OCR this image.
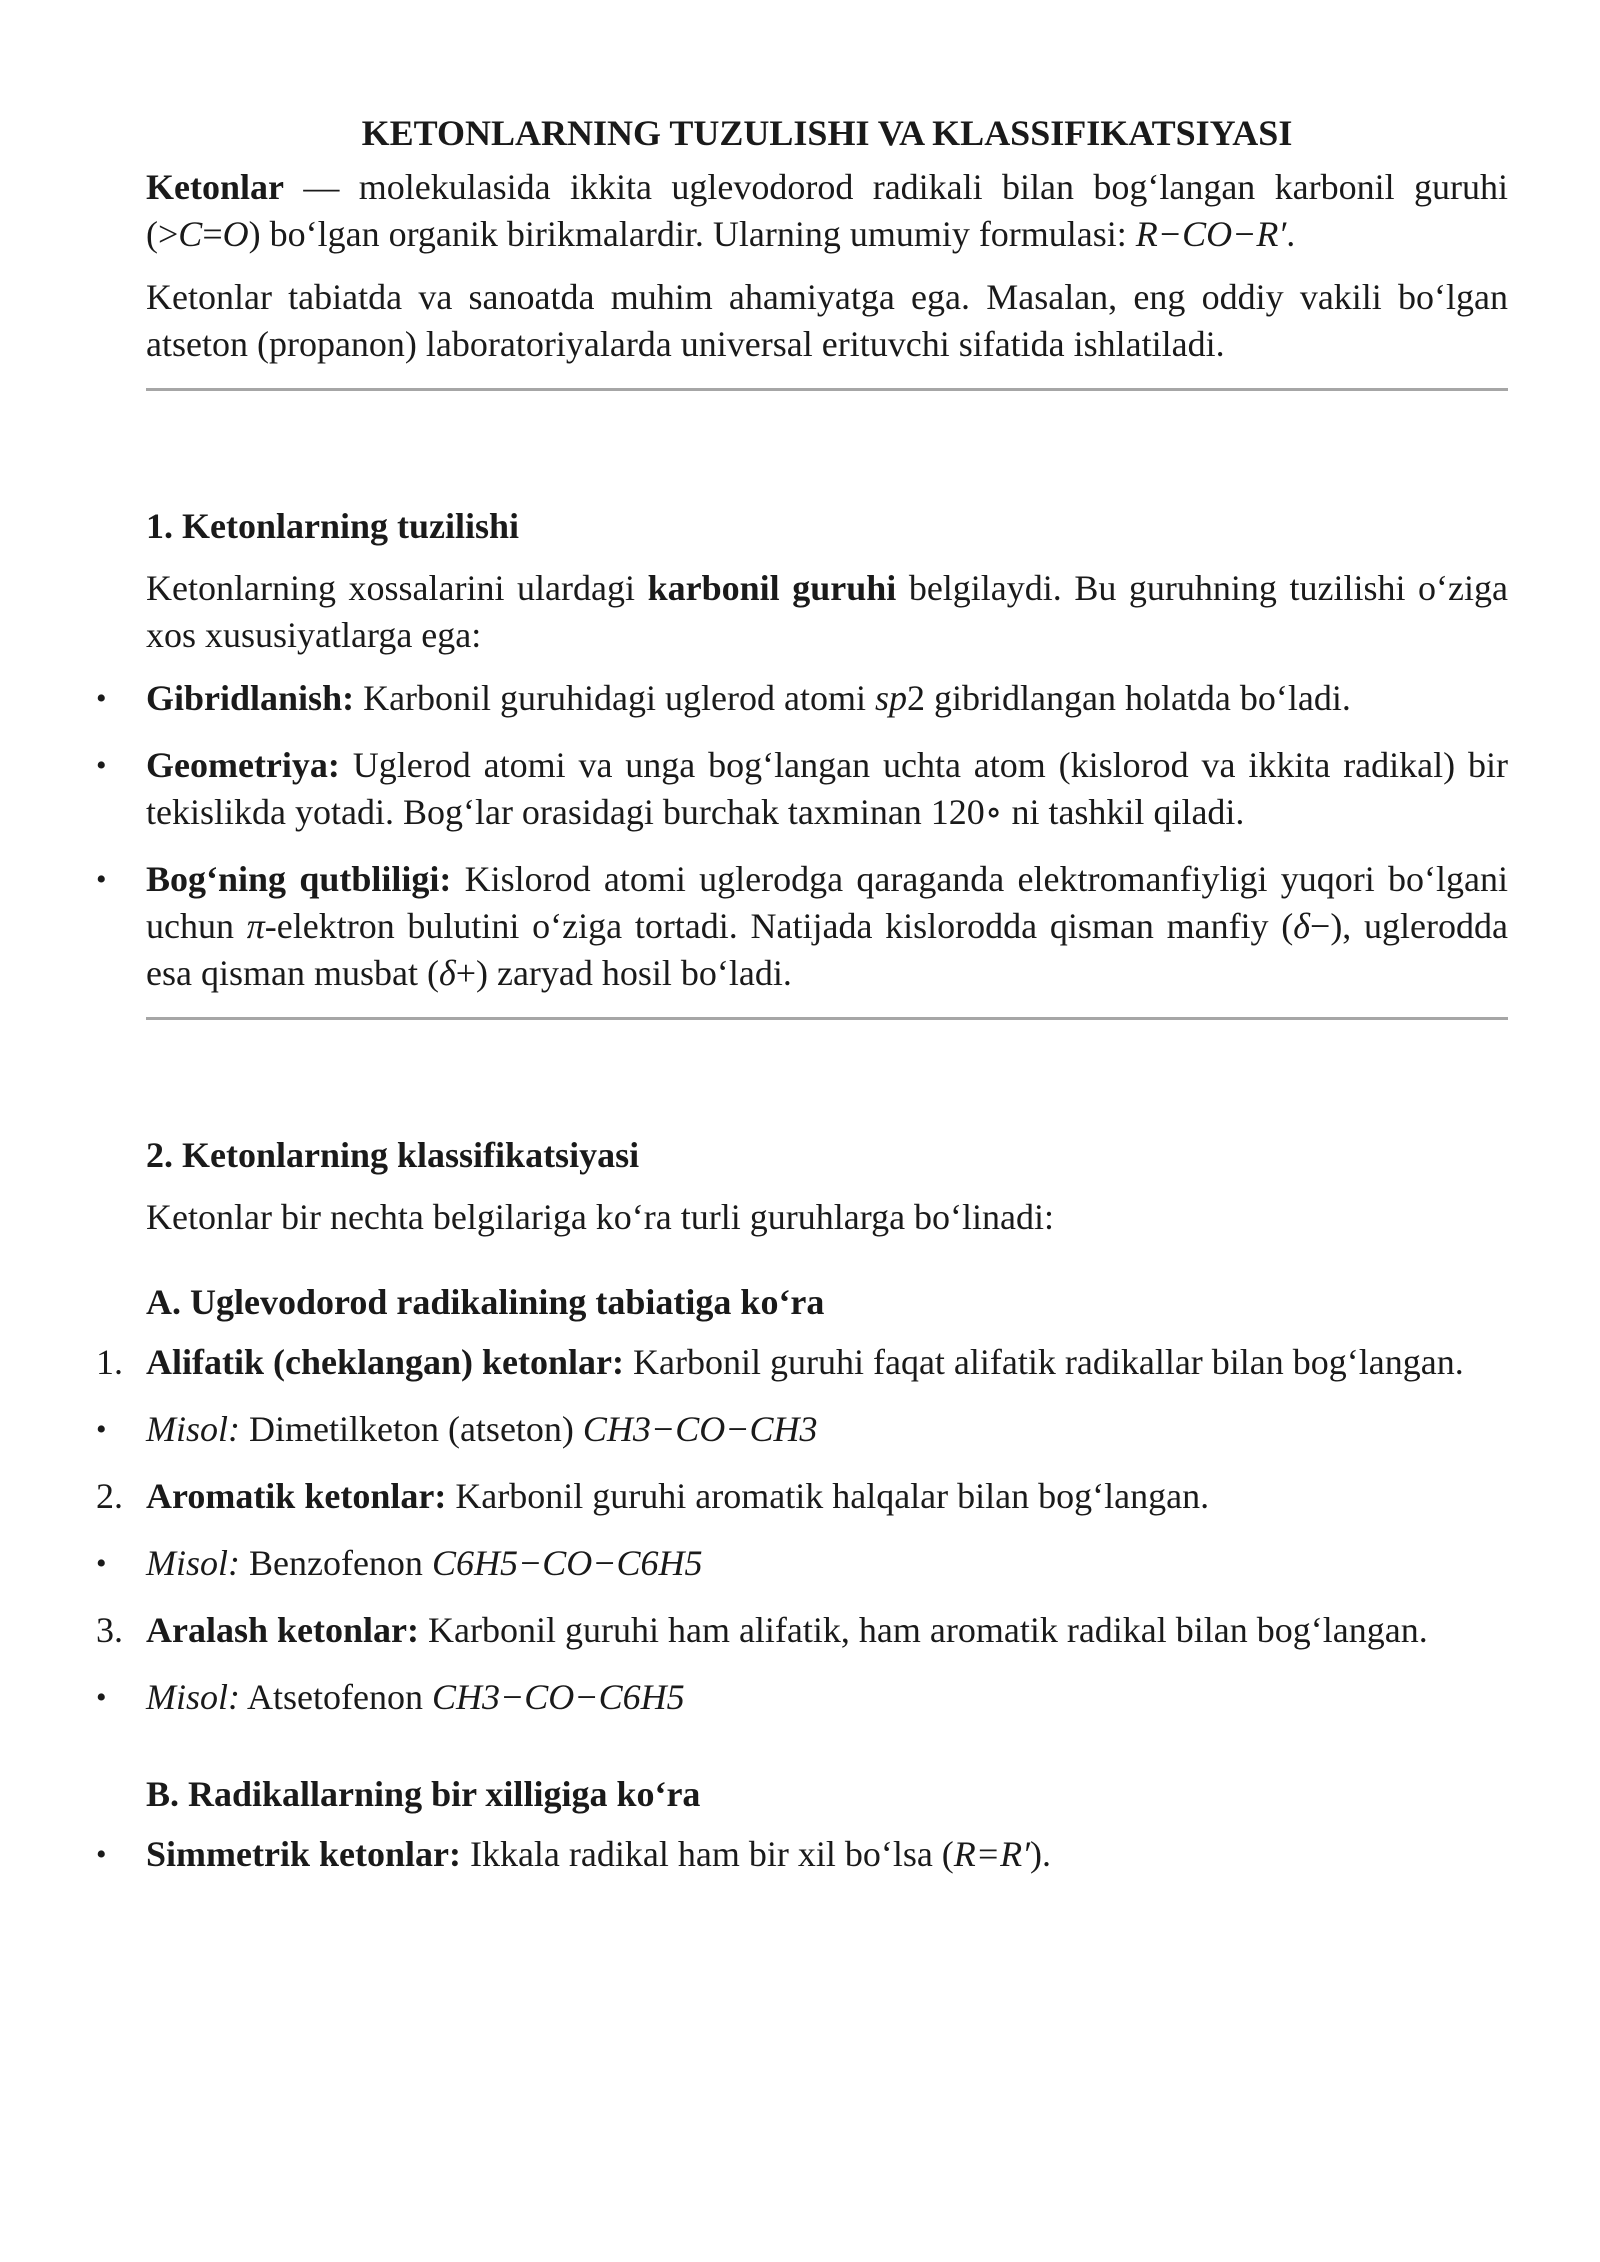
KETONLARNING TUZULISHI VA KLASSIFIKATSIYASI

Ketonlar — molekulasida ikkita uglevodorod radikali bilan bog‘langan karbonil guruhi (>C=O) bo‘lgan organik birikmalardir. Ularning umumiy formulasi: R−CO−R′.

Ketonlar tabiatda va sanoatda muhim ahamiyatga ega. Masalan, eng oddiy vakili bo‘lgan atseton (propanon) laboratoriyalarda universal erituvchi sifatida ishlatiladi.

1. Ketonlarning tuzilishi

Ketonlarning xossalarini ulardagi karbonil guruhi belgilaydi. Bu guruhning tuzilishi o‘ziga xos xususiyatlarga ega:

• Gibridlanish: Karbonil guruhidagi uglerod atomi sp2 gibridlangan holatda bo‘ladi.
• Geometriya: Uglerod atomi va unga bog‘langan uchta atom (kislorod va ikkita radikal) bir tekislikda yotadi. Bog‘lar orasidagi burchak taxminan 120∘ ni tashkil qiladi.
• Bog‘ning qutbliligi: Kislorod atomi uglerodga qaraganda elektromanfiyligi yuqori bo‘lgani uchun π-elektron bulutini o‘ziga tortadi. Natijada kislorodda qisman manfiy (δ−), uglerodda esa qisman musbat (δ+) zaryad hosil bo‘ladi.
2. Ketonlarning klassifikatsiyasi

Ketonlar bir nechta belgilariga ko‘ra turli guruhlarga bo‘linadi:

A. Uglevodorod radikalining tabiatiga ko‘ra
1. Alifatik (cheklangan) ketonlar: Karbonil guruhi faqat alifatik radikallar bilan bog‘langan.
• Misol: Dimetilketon (atseton) CH3−CO−CH3
2. Aromatik ketonlar: Karbonil guruhi aromatik halqalar bilan bog‘langan.
• Misol: Benzofenon C6H5−CO−C6H5
3. Aralash ketonlar: Karbonil guruhi ham alifatik, ham aromatik radikal bilan bog‘langan.
• Misol: Atsetofenon CH3−CO−C6H5
B. Radikallarning bir xilligiga ko‘ra
• Simmetrik ketonlar: Ikkala radikal ham bir xil bo‘lsa (R=R′).
